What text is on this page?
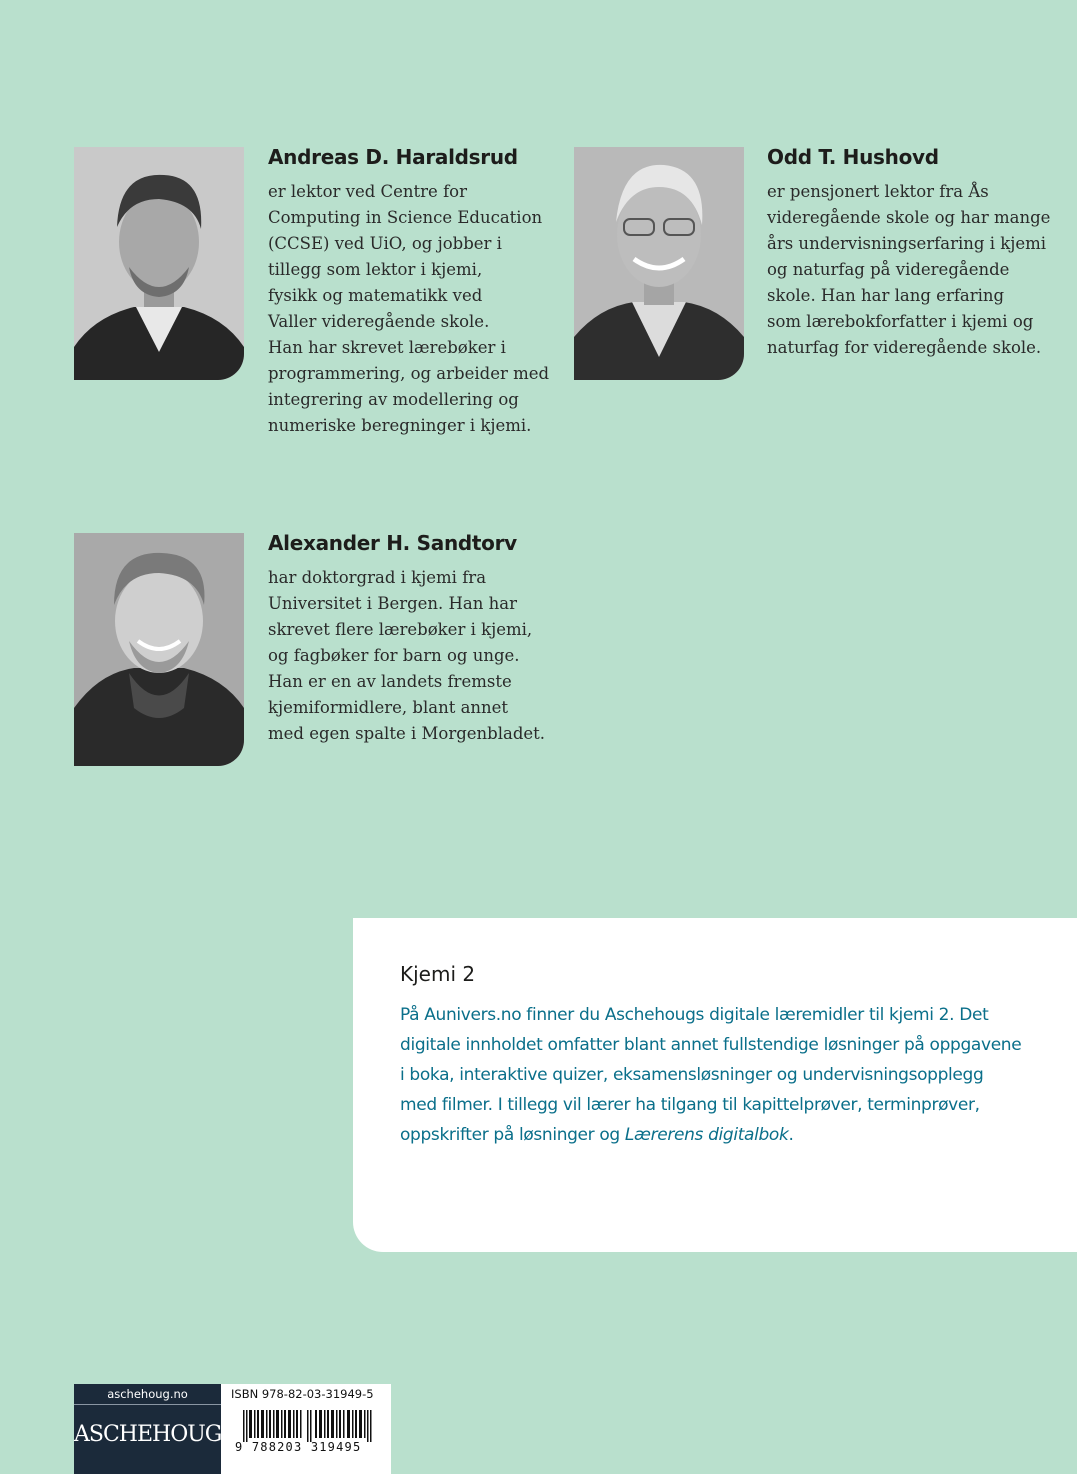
Andreas D. Haraldsrud
er lektor ved Centre for
Computing in Science Education
(CCSE) ved UiO, og jobber i
tillegg som lektor i kjemi,
fysikk og matematikk ved
Valler videregående skole.
Han har skrevet lærebøker i
programmering, og arbeider med
integrering av modellering og
numeriske beregninger i kjemi.
Odd T. Hushovd
er pensjonert lektor fra Ås
videregående skole og har mange
års undervisningserfaring i kjemi
og naturfag på videregående
skole. Han har lang erfaring
som lærebokforfatter i kjemi og
naturfag for videregående skole.
Alexander H. Sandtorv
har doktorgrad i kjemi fra
Universitet i Bergen. Han har
skrevet flere lærebøker i kjemi,
og fagbøker for barn og unge.
Han er en av landets fremste
kjemiformidlere, blant annet
med egen spalte i Morgenbladet.
Kjemi 2
På Aunivers.no finner du Aschehougs digitale læremidler til kjemi 2. Det
digitale innholdet omfatter blant annet fullstendige løsninger på oppgavene
i boka, interaktive quizer, eksamensløsninger og undervisningsopplegg
med filmer. I tillegg vil lærer ha tilgang til kapittelprøver, terminprøver,
oppskrifter på løsninger og Lærerens digitalbok.
aschehoug.no
ASCHEHOUG
ISBN 978-82-03-31949-5
9 788203 319495
